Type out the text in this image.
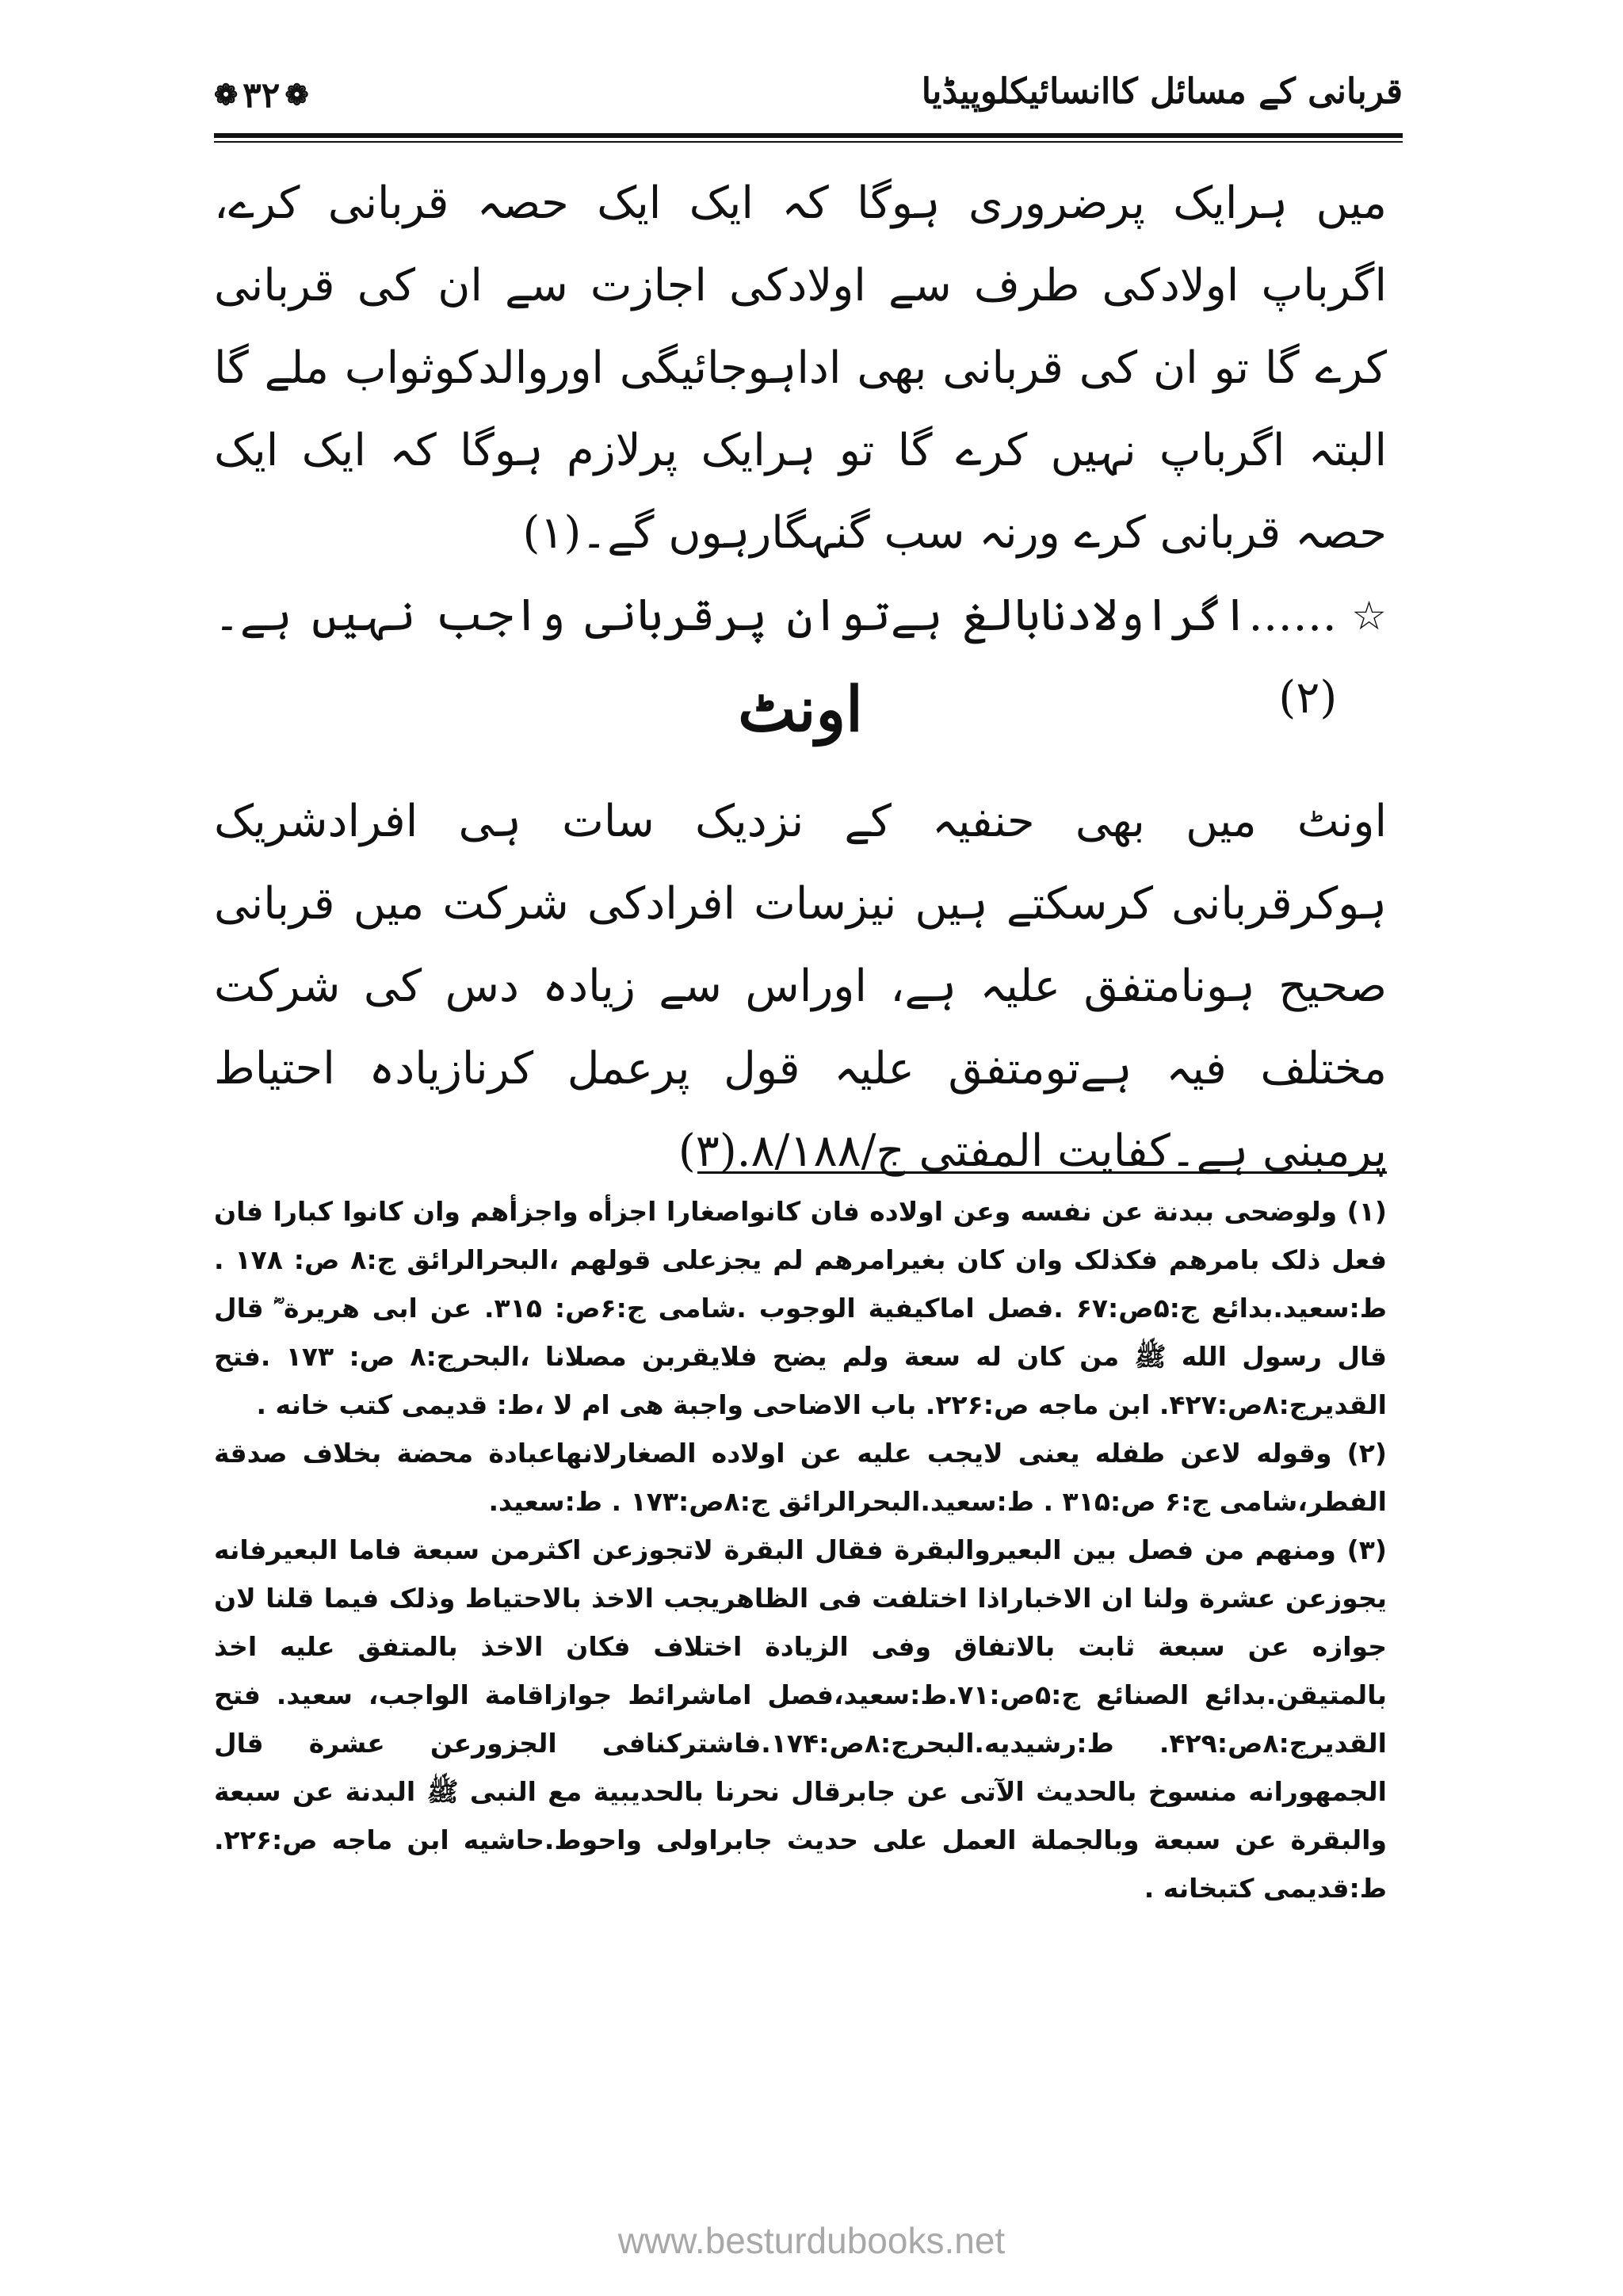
❁ ۳۲ ❁	قربانی کے مسائل کاانسائیکلوپیڈیا

میں ہرایک پرضروری ہوگا کہ ایک ایک حصہ قربانی کرے، اگرباپ اولادکی طرف سے اولادکی اجازت سے ان کی قربانی کرے گا تو ان کی قربانی بھی اداہوجائیگی اوروالدکوثواب ملے گا البتہ اگرباپ نہیں کرے گا تو ہرایک پرلازم ہوگا کہ ایک ایک حصہ قربانی کرے ورنہ سب گنہگارہوں گے۔(۱)

☆
……اگراولادنابالغ ہےتوان پرقربانی واجب نہیں ہے۔(۲)

اونٹ

اونٹ میں بھی حنفیہ کے نزدیک سات ہی افرادشریک ہوکرقربانی کرسکتے ہیں نیزسات افرادکی شرکت میں قربانی صحیح ہونامتفق علیہ ہے، اوراس سے زیادہ دس کی شرکت مختلف فیہ ہےتومتفق علیہ قول پرعمل کرنازیادہ احتیاط پرمبنی ہے۔کفایت المفتی ج/۸/۱۸۸.(۳)

(۱) ولوضحی ببدنة عن نفسه وعن اولاده فان کانواصغارا اجزأه واجزأهم وان کانوا کبارا فان فعل ذلک بامرهم فکذلک وان کان بغیرامرهم لم یجزعلی قولهم ،البحرالرائق ج:۸ ص: ۱۷۸ . ط:سعید.بدائع ج:۵ص:۶۷ .فصل اماکیفیة الوجوب .شامی ج:۶ص: ۳۱۵. عن ابی هریرة ؓ قال قال رسول الله ﷺ من کان له سعة ولم یضح فلایقربن مصلانا ،البحرج:۸ ص: ۱۷۳ .فتح القدیرج:۸ص:۴۲۷. ابن ماجه ص:۲۲۶. باب الاضاحی واجبة هی ام لا ،ط: قدیمی کتب خانه .

(۲) وقوله لاعن طفله یعنی لایجب علیه عن اولاده الصغارلانهاعبادة محضة بخلاف صدقة الفطر،شامی ج:۶ ص:۳۱۵ . ط:سعید.البحرالرائق ج:۸ص:۱۷۳ . ط:سعید.

(۳) ومنهم من فصل بین البعیروالبقرة فقال البقرة لاتجوزعن اکثرمن سبعة فاما البعیرفانه یجوزعن عشرة ولنا ان الاخباراذا اختلفت فی الظاهریجب الاخذ بالاحتیاط وذلک فیما قلنا لان جوازه عن سبعة ثابت بالاتفاق وفی الزیادة اختلاف فکان الاخذ بالمتفق علیه اخذ بالمتیقن.بدائع الصنائع ج:۵ص:۷۱.ط:سعید،فصل اماشرائط جوازاقامة الواجب، سعید. فتح القدیرج:۸ص:۴۲۹. ط:رشیدیه.البحرج:۸ص:۱۷۴.فاشترکنافی الجزورعن عشرة قال الجمهورانه منسوخ بالحدیث الآتی عن جابرقال نحرنا بالحدیبیة مع النبی ﷺ البدنة عن سبعة والبقرة عن سبعة وبالجملة العمل علی حدیث جابراولی واحوط.حاشیه ابن ماجه ص:۲۲۶. ط:قدیمی کتبخانه .

www.besturdubooks.net
